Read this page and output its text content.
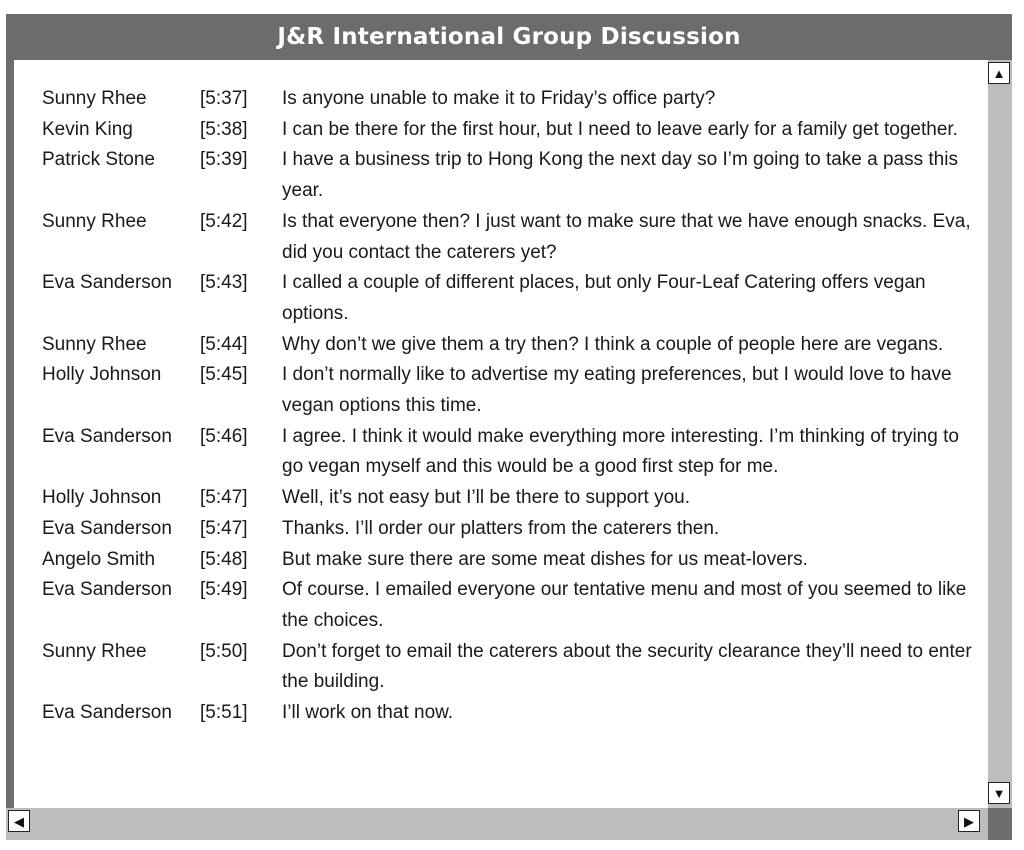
J&R International Group Discussion
Sunny Rhee	[5:37] Is anyone unable to make it to Friday’s office party?
Kevin King	[5:38] I can be there for the first hour, but I need to leave early for a family get together.
Patrick Stone [5:39] I have a business trip to Hong Kong the next day so I’m going to take a pass this year.
Sunny Rhee	[5:42] Is that everyone then? I just want to make sure that we have enough snacks. Eva, did you contact the caterers yet?
Eva Sanderson [5:43] I called a couple of different places, but only Four-Leaf Catering offers vegan options.
Sunny Rhee	[5:44] Why don’t we give them a try then? I think a couple of people here are vegans.
Holly Johnson [5:45] I don’t normally like to advertise my eating preferences, but I would love to have vegan options this time.
Eva Sanderson [5:46] I agree. I think it would make everything more interesting. I’m thinking of trying to go vegan myself and this would be a good first step for me.
Holly Johnson [5:47] Well, it’s not easy but I’ll be there to support you.
Eva Sanderson [5:47] Thanks. I’ll order our platters from the caterers then.
Angelo Smith [5:48] But make sure there are some meat dishes for us meat-lovers.
Eva Sanderson [5:49] Of course. I emailed everyone our tentative menu and most of you seemed to like the choices.
Sunny Rhee	[5:50] Don’t forget to email the caterers about the security clearance they’ll need to enter the building.
Eva Sanderson [5:51] I’ll work on that now.
▲
▼
◀	▶
